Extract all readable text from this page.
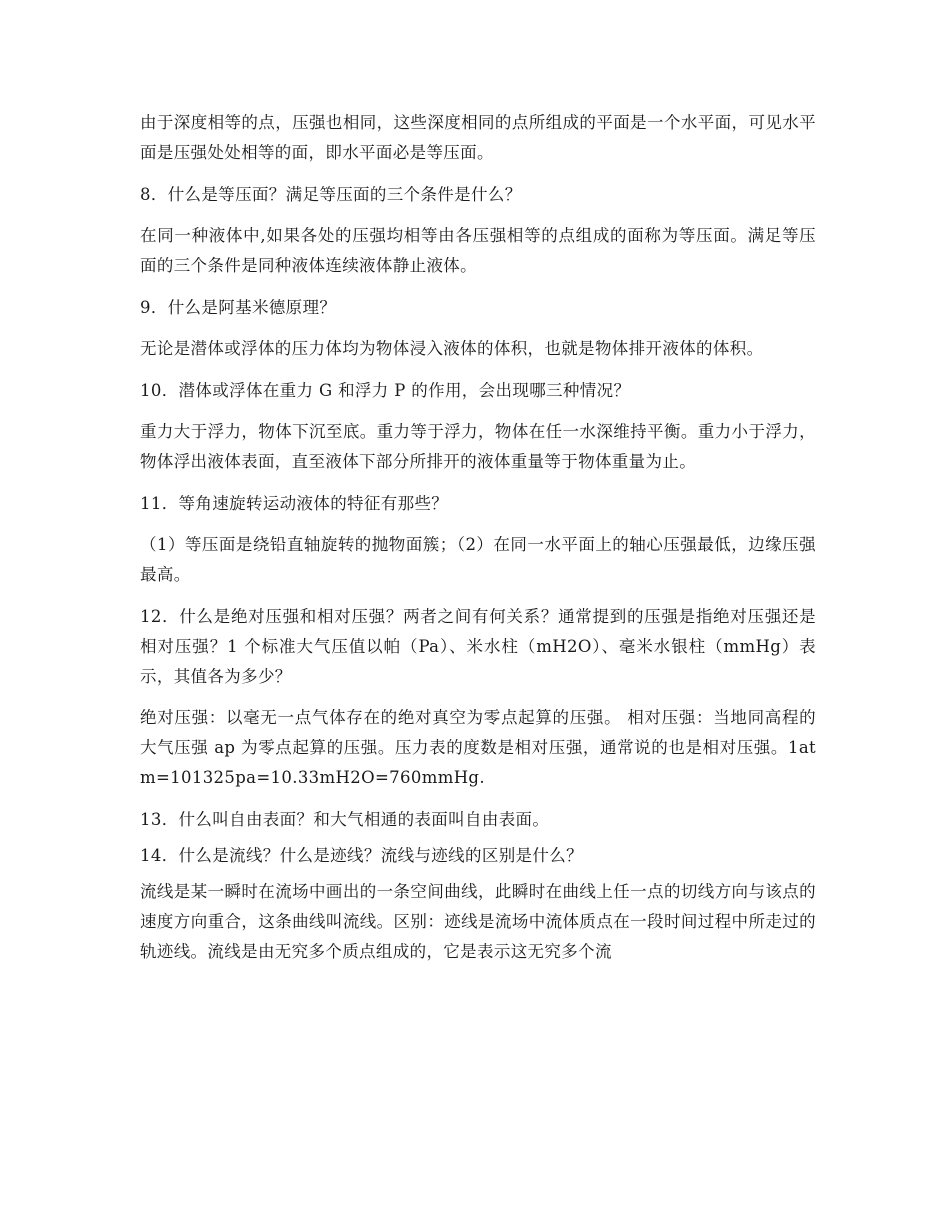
由于深度相等的点，压强也相同，这些深度相同的点所组成的平面是一个水平面，可见水平面是压强处处相等的面，即水平面必是等压面。

8．什么是等压面？满足等压面的三个条件是什么？

在同一种液体中,如果各处的压强均相等由各压强相等的点组成的面称为等压面。满足等压面的三个条件是同种液体连续液体静止液体。

9．什么是阿基米德原理？

无论是潜体或浮体的压力体均为物体浸入液体的体积，也就是物体排开液体的体积。

10．潜体或浮体在重力 G 和浮力 P 的作用，会出现哪三种情况？

重力大于浮力，物体下沉至底。重力等于浮力，物体在任一水深维持平衡。重力小于浮力，物体浮出液体表面，直至液体下部分所排开的液体重量等于物体重量为止。

11．等角速旋转运动液体的特征有那些？

（1）等压面是绕铅直轴旋转的抛物面簇；（2）在同一水平面上的轴心压强最低，边缘压强最高。

12．什么是绝对压强和相对压强？两者之间有何关系？通常提到的压强是指绝对压强还是相对压强？1 个标准大气压值以帕（Pa）、米水柱（mH2O）、毫米水银柱（mmHg）表示，其值各为多少？

绝对压强：以毫无一点气体存在的绝对真空为零点起算的压强。 相对压强：当地同高程的大气压强 ap 为零点起算的压强。压力表的度数是相对压强，通常说的也是相对压强。1atm=101325pa=10.33mH2O=760mmHg.

13．什么叫自由表面？和大气相通的表面叫自由表面。

14．什么是流线？什么是迹线？流线与迹线的区别是什么？

流线是某一瞬时在流场中画出的一条空间曲线，此瞬时在曲线上任一点的切线方向与该点的速度方向重合，这条曲线叫流线。区别：迹线是流场中流体质点在一段时间过程中所走过的轨迹线。流线是由无究多个质点组成的，它是表示这无究多个流
